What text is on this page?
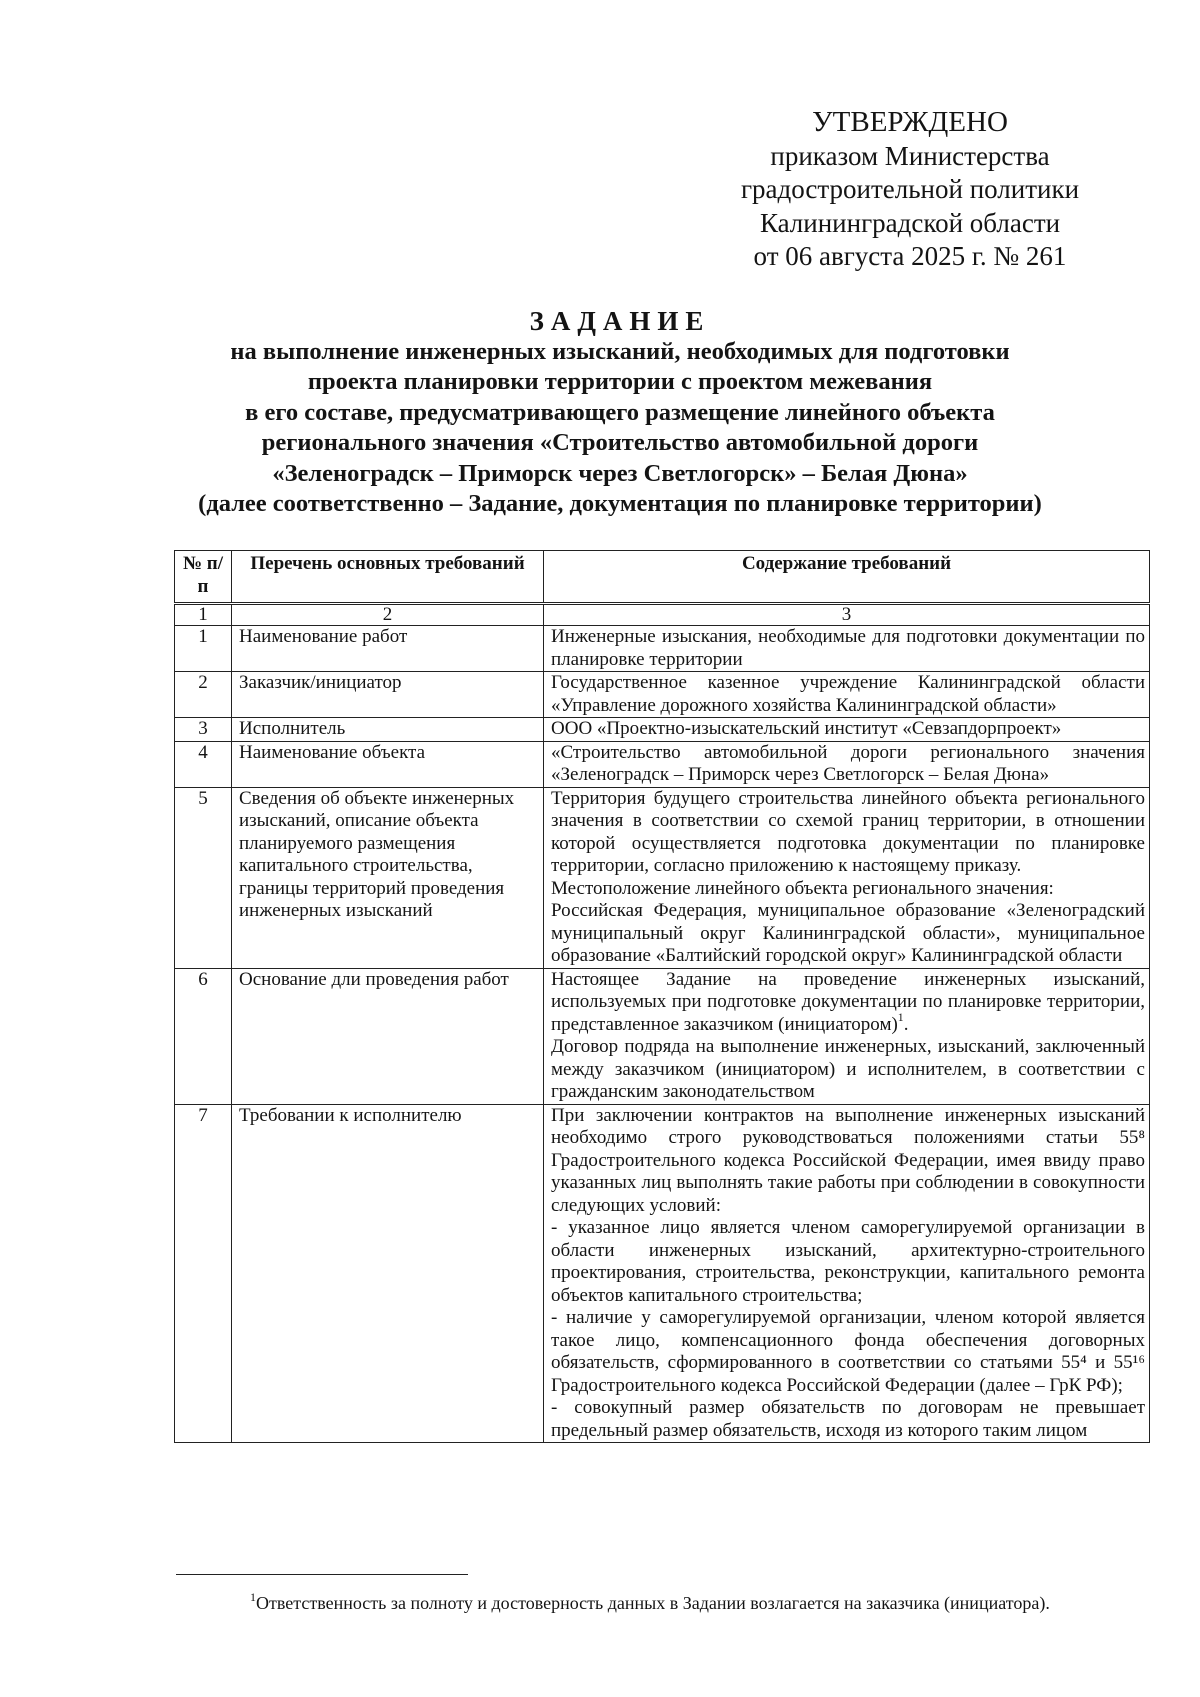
УТВЕРЖДЕНО
приказом Министерства
градостроительной политики
Калининградской области
от 06 августа 2025 г. № 261
ЗАДАНИЕ
на выполнение инженерных изысканий, необходимых для подготовки
проекта планировки территории с проектом межевания
в его составе, предусматривающего размещение линейного объекта
регионального значения «Строительство автомобильной дороги
«Зеленоградск – Приморск через Светлогорск» – Белая Дюна»
(далее соответственно – Задание, документация по планировке территории)
№ п/п	Перечень основных требований	Содержание требований
1	2	3
1	Наименование работ	Инженерные изыскания, необходимые для подготовки документации по планировке территории

2	Заказчик/инициатор	Государственное казенное учреждение Калининградской области «Управление дорожного хозяйства Калининградской области»

3	Исполнитель	ООО «Проектно-изыскательский институт «Севзапдорпроект»

4	Наименование объекта	«Строительство автомобильной дороги регионального значения «Зеленоградск – Приморск через Светлогорск – Белая Дюна»

5	Сведения об объекте инженерных изысканий, описание объекта планируемого размещения капитального строительства, границы территорий проведения инженерных изысканий	Территория будущего строительства линейного объекта регионального значения в соответствии со схемой границ территории, в отношении которой осуществляется подготовка документации по планировке территории, согласно приложению к настоящему приказу.

Местоположение линейного объекта регионального значения:

Российская Федерация, муниципальное образование «Зеленоградский муниципальный округ Калининградской области», муниципальное образование «Балтийский городской округ» Калининградской области

6	Основание дли проведения работ	Настоящее Задание на проведение инженерных изысканий, используемых при подготовке документации по планировке территории, представленное заказчиком (инициатором)$^1$.

Договор подряда на выполнение инженерных, изысканий, заключенный между заказчиком (инициатором) и исполнителем, в соответствии с гражданским законодательством

7	Требовании к исполнителю	При заключении контрактов на выполнение инженерных изысканий необходимо строго руководствоваться положениями статьи 55⁸ Градостроительного кодекса Российской Федерации, имея ввиду право указанных лиц выполнять такие работы при соблюдении в совокупности следующих условий:

- указанное лицо является членом саморегулируемой организации в области инженерных изысканий, архитектурно-строительного проектирования, строительства, реконструкции, капитального ремонта объектов капитального строительства;

- наличие у саморегулируемой организации, членом которой является такое лицо, компенсационного фонда обеспечения договорных обязательств, сформированного в соответствии со статьями 55⁴ и 55¹⁶ Градостроительного кодекса Российской Федерации (далее – ГрК РФ);

- совокупный размер обязательств по договорам не превышает предельный размер обязательств, исходя из которого таким лицом

$^1$Ответственность за полноту и достоверность данных в Задании возлагается на заказчика (инициатора).
